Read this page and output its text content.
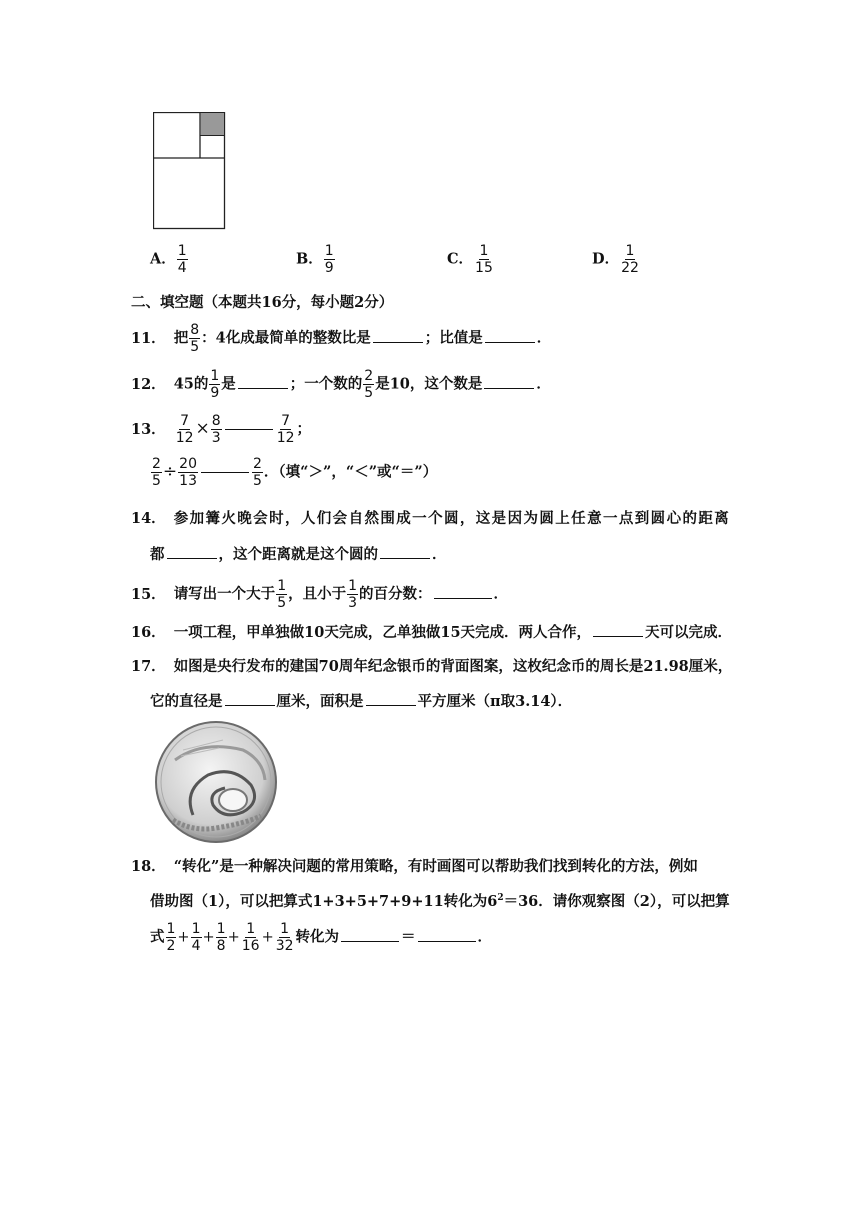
A． $\frac{1}{4}$	B． $\frac{1}{9}$	C． $\frac{1}{15}$	D． $\frac{1}{22}$
二、填空题（本题共16分，每小题2分）
11． 把 $\frac{8}{5}$ ：4化成最简单的整数比是	；比值是	．
12． 45的 $\frac{1}{9}$ 是	；一个数的 $\frac{2}{5}$ 是10，这个数是	．
13． $\frac{7}{12} \times \frac{8}{3}$	$\frac{7}{12}$ ；
$\frac{2}{5} \div \frac{20}{13}$	$\frac{2}{5}$ ．（填“＞”，“＜”或“＝”）
14． 参加篝火晚会时，人们会自然围成一个圆，这是因为圆上任意一点到圆心的距离
都	，这个距离就是这个圆的	．
15． 请写出一个大于 $\frac{1}{5}$ ，且小于 $\frac{1}{3}$ 的百分数：	．
16． 一项工程，甲单独做10天完成，乙单独做15天完成．两人合作，	天可以完成．
17． 如图是央行发布的建国70周年纪念银币的背面图案，这枚纪念币的周长是21.98厘米，
它的直径是	厘米，面积是	平方厘米（π取3.14）．
18． “转化”是一种解决问题的常用策略，有时画图可以帮助我们找到转化的方法，例如
借助图（1），可以把算式1+3+5+7+9+11转化为$6^2=36$．请你观察图（2），可以把算
式 $\frac{1}{2} + \frac{1}{4} + \frac{1}{8} + \frac{1}{16} + \frac{1}{32}$ 转化为	＝	．
